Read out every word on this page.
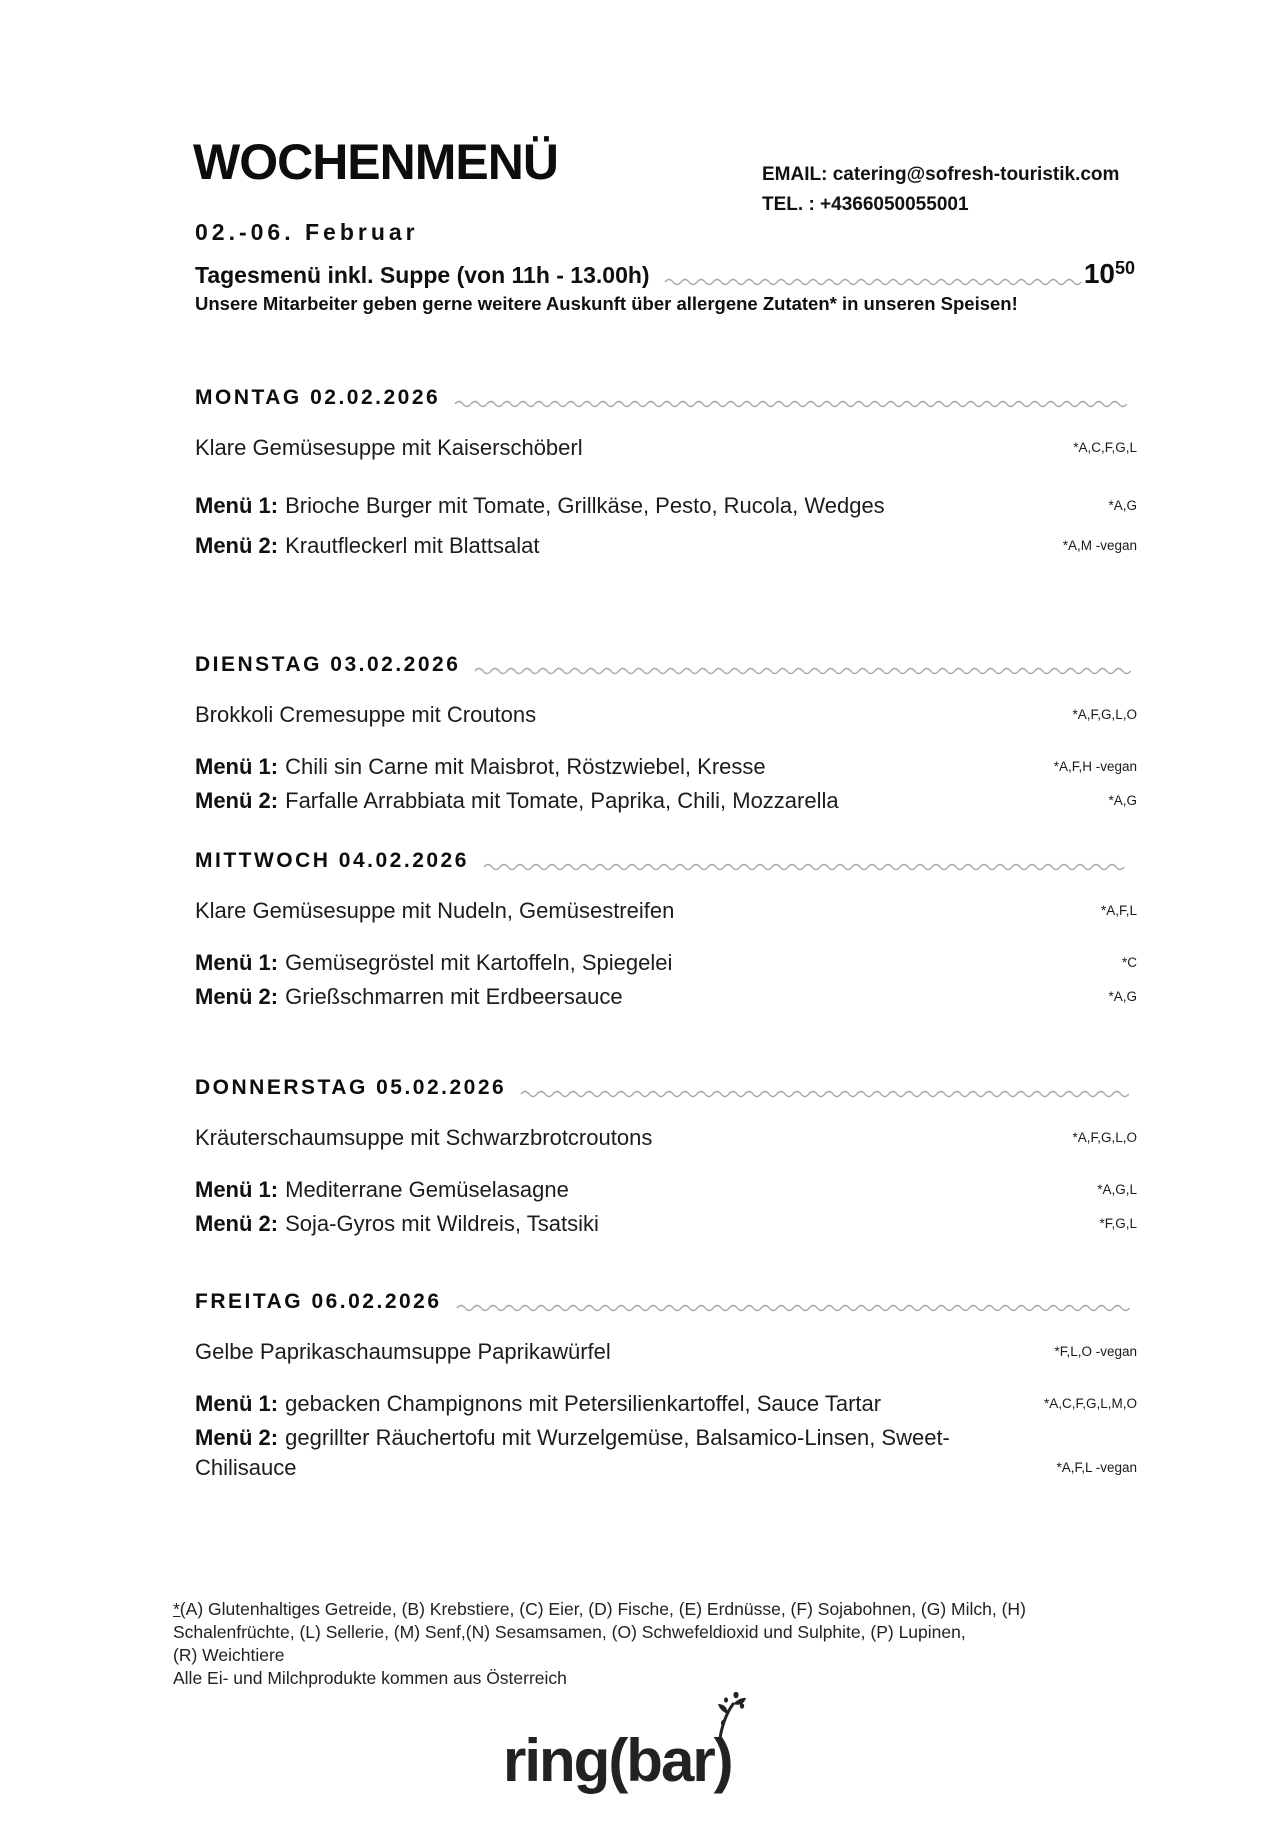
WOCHENMENÜ	EMAIL: catering@sofresh-touristik.com
TEL. : +4366050055001
02.-06. Februar
Tagesmenü inkl. Suppe (von 11h - 13.00h)	$10^{50}$
Unsere Mitarbeiter geben gerne weitere Auskunft über allergene Zutaten* in unseren Speisen!
MONTAG 02.02.2026
Klare Gemüsesuppe mit Kaiserschöberl	*A,C,F,G,L
Menü 1: Brioche Burger mit Tomate, Grillkäse, Pesto, Rucola, Wedges	*A,G
Menü 2: Krautfleckerl mit Blattsalat	*A,M -vegan
DIENSTAG 03.02.2026
Brokkoli Cremesuppe mit Croutons	*A,F,G,L,O
Menü 1: Chili sin Carne mit Maisbrot, Röstzwiebel, Kresse	*A,F,H -vegan
Menü 2: Farfalle Arrabbiata mit Tomate, Paprika, Chili, Mozzarella	*A,G
MITTWOCH 04.02.2026
Klare Gemüsesuppe mit Nudeln, Gemüsestreifen	*A,F,L
Menü 1: Gemüsegröstel mit Kartoffeln, Spiegelei	*C
Menü 2: Grießschmarren mit Erdbeersauce	*A,G
DONNERSTAG 05.02.2026
Kräuterschaumsuppe mit Schwarzbrotcroutons	*A,F,G,L,O
Menü 1: Mediterrane Gemüselasagne	*A,G,L
Menü 2: Soja-Gyros mit Wildreis, Tsatsiki	*F,G,L
FREITAG 06.02.2026
Gelbe Paprikaschaumsuppe Paprikawürfel	*F,L,O -vegan
Menü 1: gebacken Champignons mit Petersilienkartoffel, Sauce Tartar	*A,C,F,G,L,M,O
Menü 2: gegrillter Räuchertofu mit Wurzelgemüse, Balsamico-Linsen, Sweet-Chilisauce	*A,F,L -vegan
*(A) Glutenhaltiges Getreide, (B) Krebstiere, (C) Eier, (D) Fische, (E) Erdnüsse, (F) Sojabohnen, (G) Milch, (H)
Schalenfrüchte, (L) Sellerie, (M) Senf,(N) Sesamsamen, (O) Schwefeldioxid und Sulphite, (P) Lupinen,
(R) Weichtiere
Alle Ei- und Milchprodukte kommen aus Österreich
ring(bar)
